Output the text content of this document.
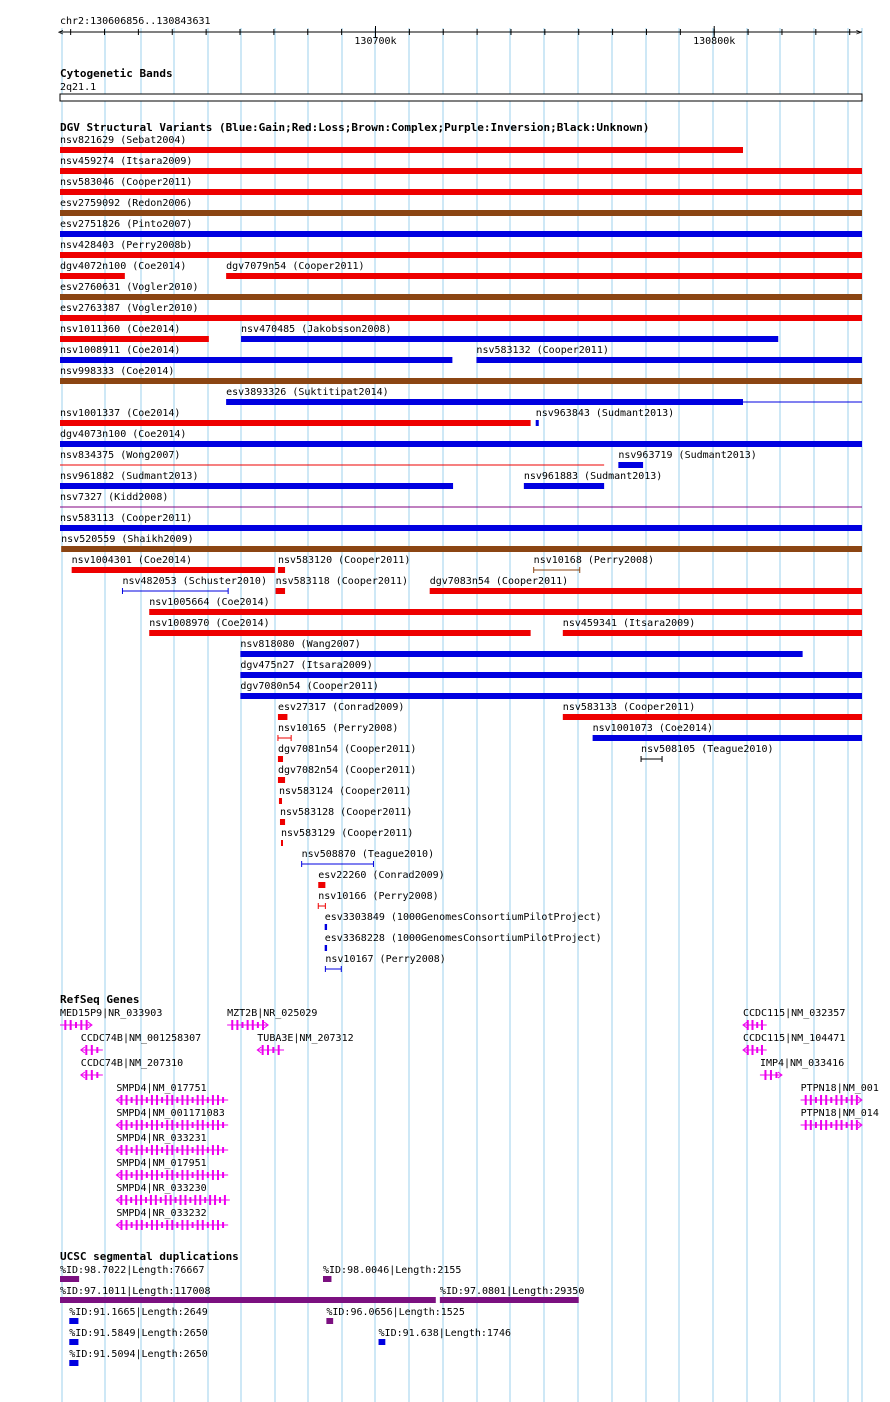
chr2:130606856..130843631
<	>
130700k	130800k
Cytogenetic Bands
2q21.1
DGV Structural Variants (Blue:Gain;Red:Loss;Brown:Complex;Purple:Inversion;Black:Unknown)
nsv821629 (Sebat2004)
nsv459274 (Itsara2009)
nsv583046 (Cooper2011)
esv2759092 (Redon2006)
esv2751826 (Pinto2007)
nsv428403 (Perry2008b)
dgv4072n100 (Coe2014)	dgv7079n54 (Cooper2011)
esv2760631 (Vogler2010)
esv2763387 (Vogler2010)
nsv1011360 (Coe2014)	nsv470485 (Jakobsson2008)
nsv1008911 (Coe2014)	nsv583132 (Cooper2011)
nsv998333 (Coe2014)
esv3893326 (Suktitipat2014)
nsv1001337 (Coe2014)	nsv963843 (Sudmant2013)
dgv4073n100 (Coe2014)
nsv834375 (Wong2007)	nsv963719 (Sudmant2013)
nsv961882 (Sudmant2013)	nsv961883 (Sudmant2013)
nsv7327 (Kidd2008)
nsv583113 (Cooper2011)
nsv520559 (Shaikh2009)
nsv1004301 (Coe2014)	nsv583120 (Cooper2011)	nsv10168 (Perry2008)
nsv482053 (Schuster2010) nsv583118 (Cooper2011) dgv7083n54 (Cooper2011)
nsv1005664 (Coe2014)
nsv1008970 (Coe2014)	nsv459341 (Itsara2009)
nsv818080 (Wang2007)
dgv475n27 (Itsara2009)
dgv7080n54 (Cooper2011)
esv27317 (Conrad2009)	nsv583133 (Cooper2011)
nsv10165 (Perry2008)	nsv1001073 (Coe2014)
dgv7081n54 (Cooper2011)	nsv508105 (Teague2010)
dgv7082n54 (Cooper2011)
nsv583124 (Cooper2011)
nsv583128 (Cooper2011)
nsv583129 (Cooper2011)
nsv508870 (Teague2010)
esv22260 (Conrad2009)
nsv10166 (Perry2008)
esv3303849 (1000GenomesConsortiumPilotProject)
esv3368228 (1000GenomesConsortiumPilotProject)
nsv10167 (Perry2008)
RefSeq Genes
MED15P9|NR_033903	MZT2B|NR_025029	CCDC115|NM_032357
CCDC74B|NM_001258307	TUBA3E|NM_207312	CCDC115|NM_104471
CCDC74B|NM_207310	IMP4|NM_033416
SMPD4|NM_017751	PTPN18|NM_001
SMPD4|NM_001171083	PTPN18|NM_014
SMPD4|NR_033231
SMPD4|NM_017951
SMPD4|NR_033230
SMPD4|NR_033232
UCSC segmental duplications
%ID:98.7022|Length:76667	%ID:98.0046|Length:2155
%ID:97.1011|Length:117008	%ID:97.0801|Length:29350
%ID:91.1665|Length:2649	%ID:96.0656|Length:1525
%ID:91.5849|Length:2650	%ID:91.638|Length:1746
%ID:91.5094|Length:2650
